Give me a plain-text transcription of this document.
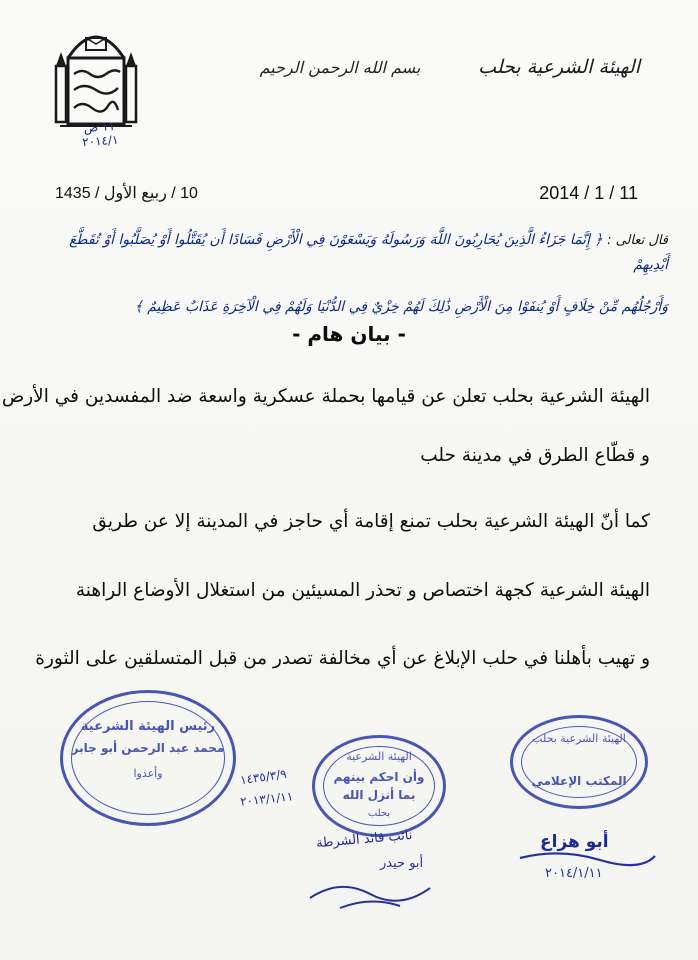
١١ ص
٢٠١٤/١
بسم الله الرحمن الرحيم	الهيئة الشرعية بحلب
2014 / 1 / 11
10 / ربيع الأول / 1435
قال تعالى : ﴿ إِنَّمَا جَزَاءُ الَّذِينَ يُحَارِبُونَ اللَّهَ وَرَسُولَهُ وَيَسْعَوْنَ فِي الْأَرْضِ فَسَادًا أَن يُقَتَّلُوا أَوْ يُصَلَّبُوا أَوْ تُقَطَّعَ أَيْدِيهِمْ
وَأَرْجُلُهُم مِّنْ خِلَافٍ أَوْ يُنفَوْا مِنَ الْأَرْضِ ذَٰلِكَ لَهُمْ خِزْيٌ فِي الدُّنْيَا وَلَهُمْ فِي الْآخِرَةِ عَذَابٌ عَظِيمٌ ﴾
- بيان هام -
الهيئة الشرعية بحلب تعلن عن قيامها بحملة عسكرية واسعة ضد المفسدين في الأرض
و قطّاع الطرق في مدينة حلب
كما أنّ الهيئة الشرعية بحلب تمنع إقامة أي حاجز في المدينة إلا عن طريق
الهيئة الشرعية كجهة اختصاص و تحذر المسيئين من استغلال الأوضاع الراهنة
و تهيب بأهلنا في حلب الإبلاغ عن أي مخالفة تصدر من قبل المتسلقين على الثورة
رئيس الهيئة الشرعية
محمد عبد الرحمن أبو جابر
وأعدوا
الهيئة الشرعية
وأن احكم بينهم
بما أنزل الله
بحلب
الهيئة الشرعية بحلب
المكتب الإعلامي
١٤٣٥/٣/٩
٢٠١٣/١/١١
نائب قائد الشرطة
أبو حيدر
أبو هزاع
٢٠١٤/١/١١
